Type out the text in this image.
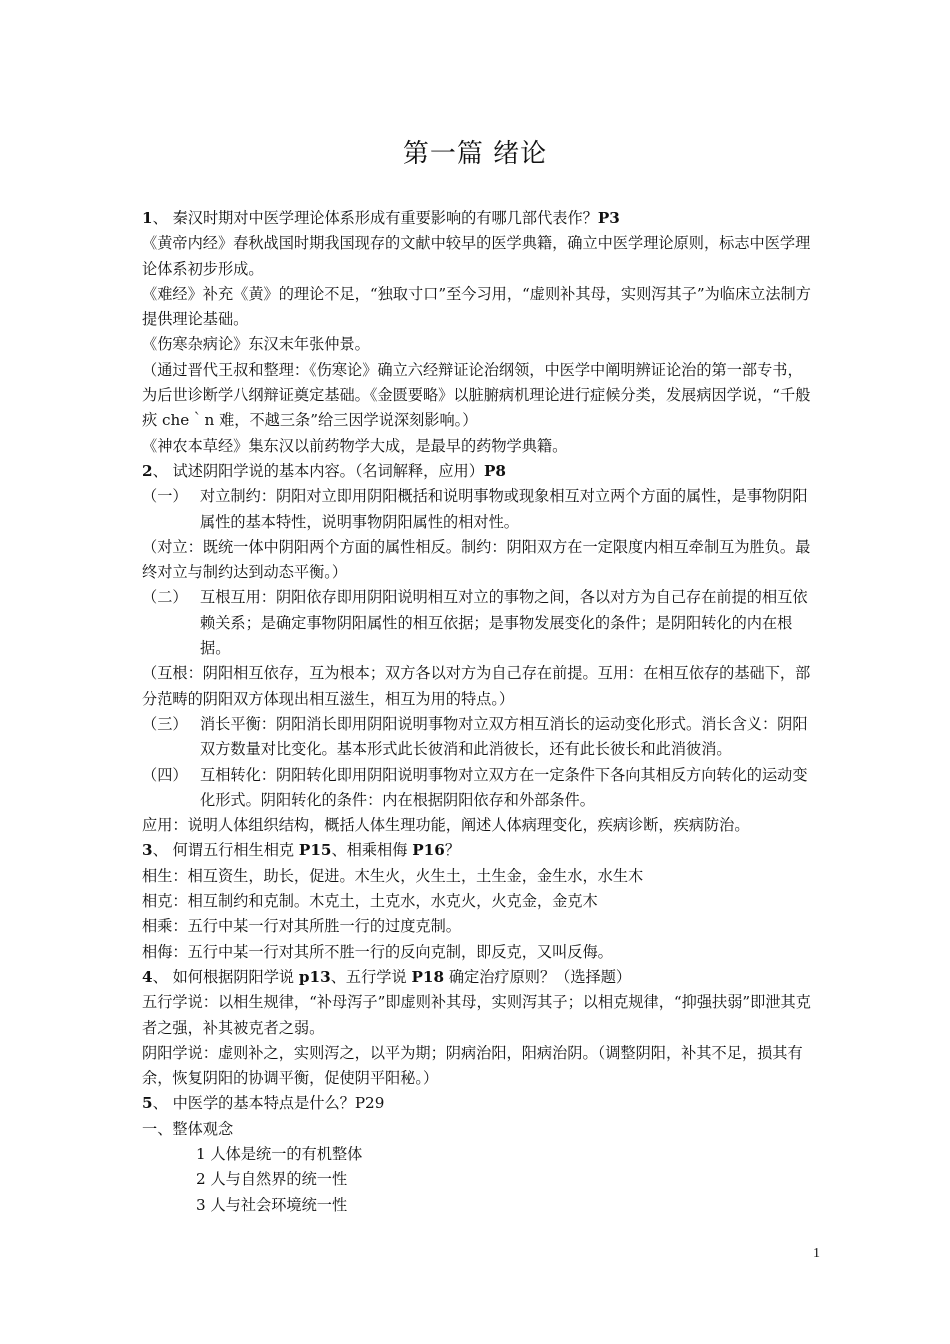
第一篇 绪论

1、 秦汉时期对中医学理论体系形成有重要影响的有哪几部代表作？P3

《黄帝内经》春秋战国时期我国现存的文献中较早的医学典籍，确立中医学理论原则，标志中医学理论体系初步形成。

《难经》补充《黄》的理论不足，“独取寸口”至今习用，“虚则补其母，实则泻其子”为临床立法制方提供理论基础。

《伤寒杂病论》东汉末年张仲景。

（通过晋代王叔和整理：《伤寒论》确立六经辩证论治纲领，中医学中阐明辨证论治的第一部专书，为后世诊断学八纲辩证奠定基础。《金匮要略》以脏腑病机理论进行症候分类，发展病因学说，“千般疢 che｀n 难，不越三条”给三因学说深刻影响。）

《神农本草经》集东汉以前药物学大成，是最早的药物学典籍。

2、 试述阴阳学说的基本内容。（名词解释，应用）P8

（一） 对立制约：阴阳对立即用阴阳概括和说明事物或现象相互对立两个方面的属性，是事物阴阳属性的基本特性，说明事物阴阳属性的相对性。

（对立：既统一体中阴阳两个方面的属性相反。制约：阴阳双方在一定限度内相互牵制互为胜负。最终对立与制约达到动态平衡。）

（二） 互根互用：阴阳依存即用阴阳说明相互对立的事物之间，各以对方为自己存在前提的相互依赖关系；是确定事物阴阳属性的相互依据；是事物发展变化的条件；是阴阳转化的内在根据。

（互根：阴阳相互依存，互为根本；双方各以对方为自己存在前提。互用：在相互依存的基础下，部分范畴的阴阳双方体现出相互滋生，相互为用的特点。）

（三） 消长平衡：阴阳消长即用阴阳说明事物对立双方相互消长的运动变化形式。消长含义：阴阳双方数量对比变化。基本形式此长彼消和此消彼长，还有此长彼长和此消彼消。
（四） 互相转化：阴阳转化即用阴阳说明事物对立双方在一定条件下各向其相反方向转化的运动变化形式。阴阳转化的条件：内在根据阴阳依存和外部条件。

应用：说明人体组织结构，概括人体生理功能，阐述人体病理变化，疾病诊断，疾病防治。

3、 何谓五行相生相克 P15、相乘相侮 P16？

相生：相互资生，助长，促进。木生火，火生土，土生金，金生水，水生木

相克：相互制约和克制。木克土，土克水，水克火，火克金，金克木

相乘：五行中某一行对其所胜一行的过度克制。

相侮：五行中某一行对其所不胜一行的反向克制，即反克，又叫反侮。

4、 如何根据阴阳学说 p13、五行学说 P18 确定治疗原则？（选择题）

五行学说：以相生规律，“补母泻子”即虚则补其母，实则泻其子；以相克规律，“抑强扶弱”即泄其克者之强，补其被克者之弱。

阴阳学说：虚则补之，实则泻之，以平为期；阴病治阳，阳病治阴。（调整阴阳，补其不足，损其有余，恢复阴阳的协调平衡，促使阴平阳秘。）

5、 中医学的基本特点是什么？P29

一、整体观念

1 人体是统一的有机整体

2 人与自然界的统一性

3 人与社会环境统一性

1
